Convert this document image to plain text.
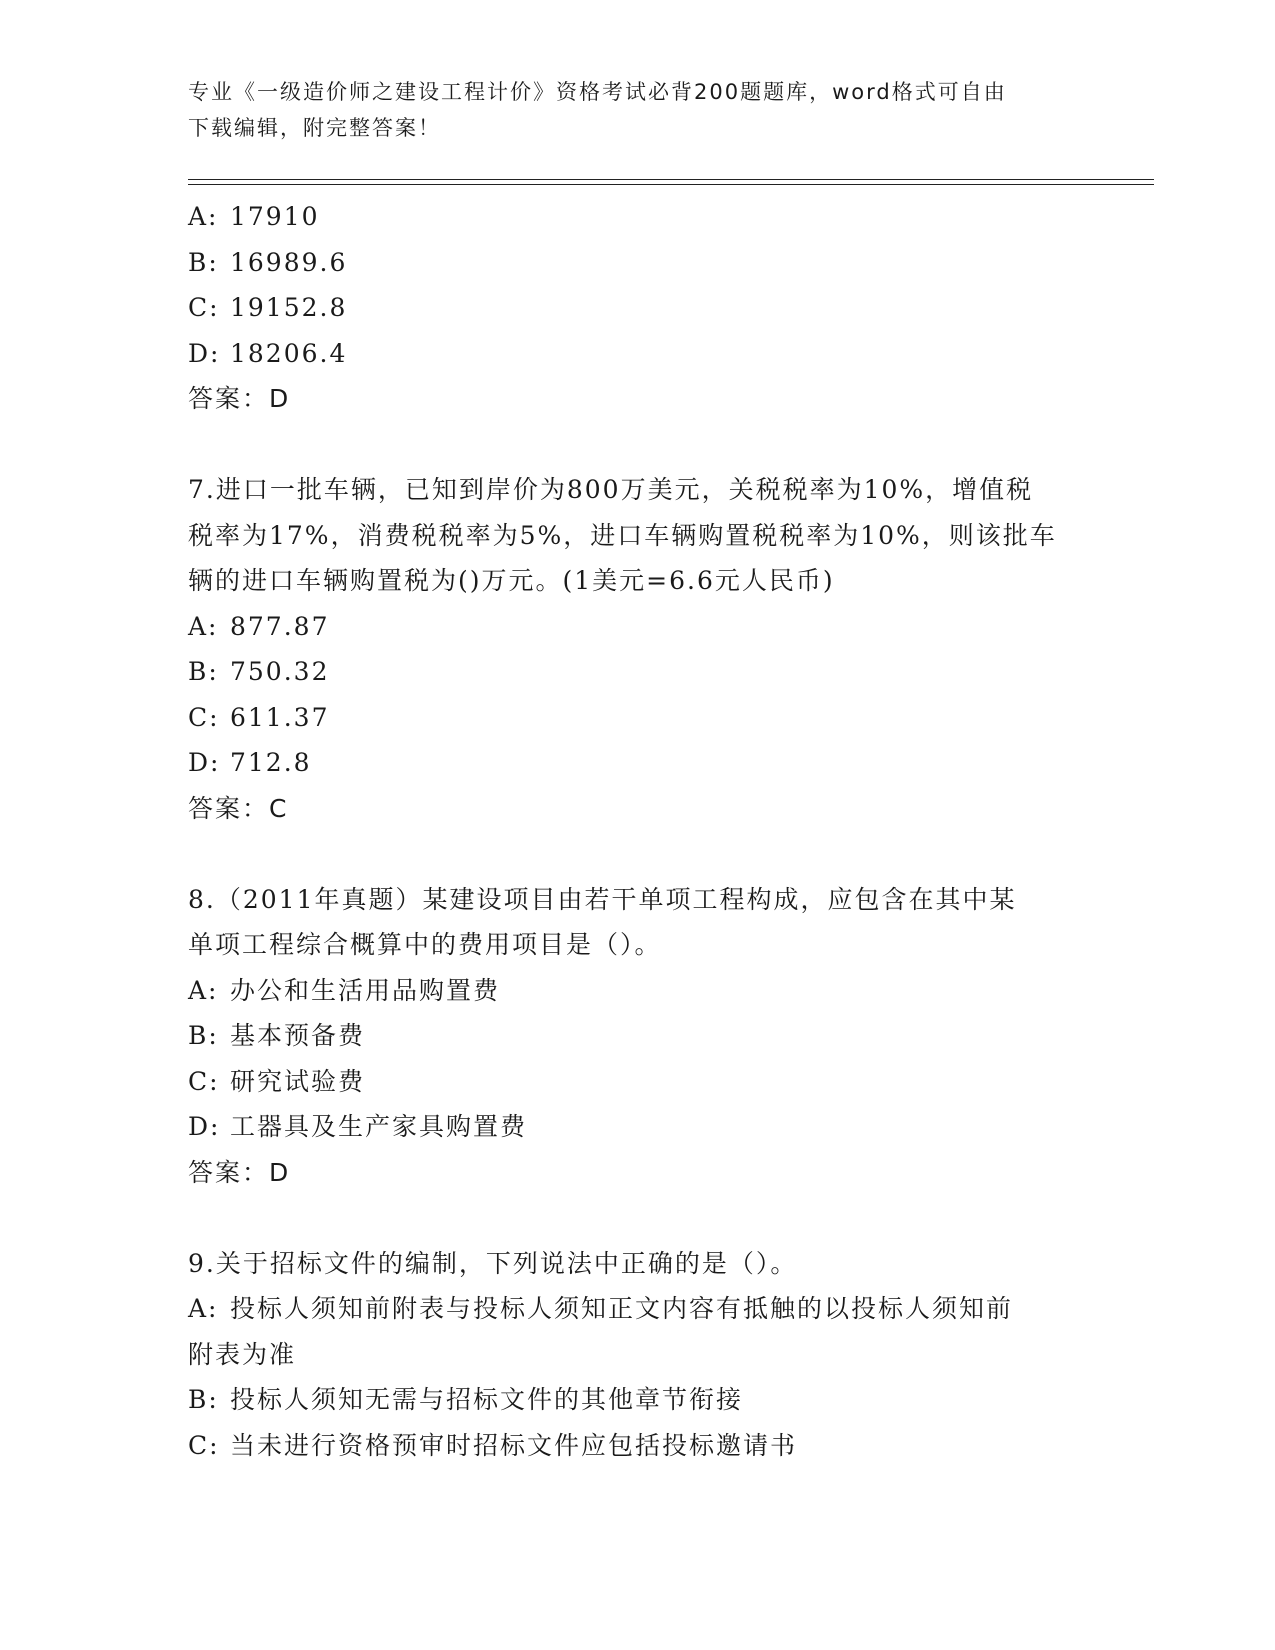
专业《一级造价师之建设工程计价》资格考试必背200题题库，word格式可自由
下载编辑，附完整答案！
A: 17910
B: 16989.6
C: 19152.8
D: 18206.4
答案：D
7.进口一批车辆，已知到岸价为800万美元，关税税率为10%，增值税
税率为17%，消费税税率为5%，进口车辆购置税税率为10%，则该批车
辆的进口车辆购置税为()万元。(1美元=6.6元人民币)
A: 877.87
B: 750.32
C: 611.37
D: 712.8
答案：C
8.（2011年真题）某建设项目由若干单项工程构成，应包含在其中某
单项工程综合概算中的费用项目是（）。
A: 办公和生活用品购置费
B: 基本预备费
C: 研究试验费
D: 工器具及生产家具购置费
答案：D
9.关于招标文件的编制，下列说法中正确的是（）。
A: 投标人须知前附表与投标人须知正文内容有抵触的以投标人须知前
附表为准
B: 投标人须知无需与招标文件的其他章节衔接
C: 当未进行资格预审时招标文件应包括投标邀请书
